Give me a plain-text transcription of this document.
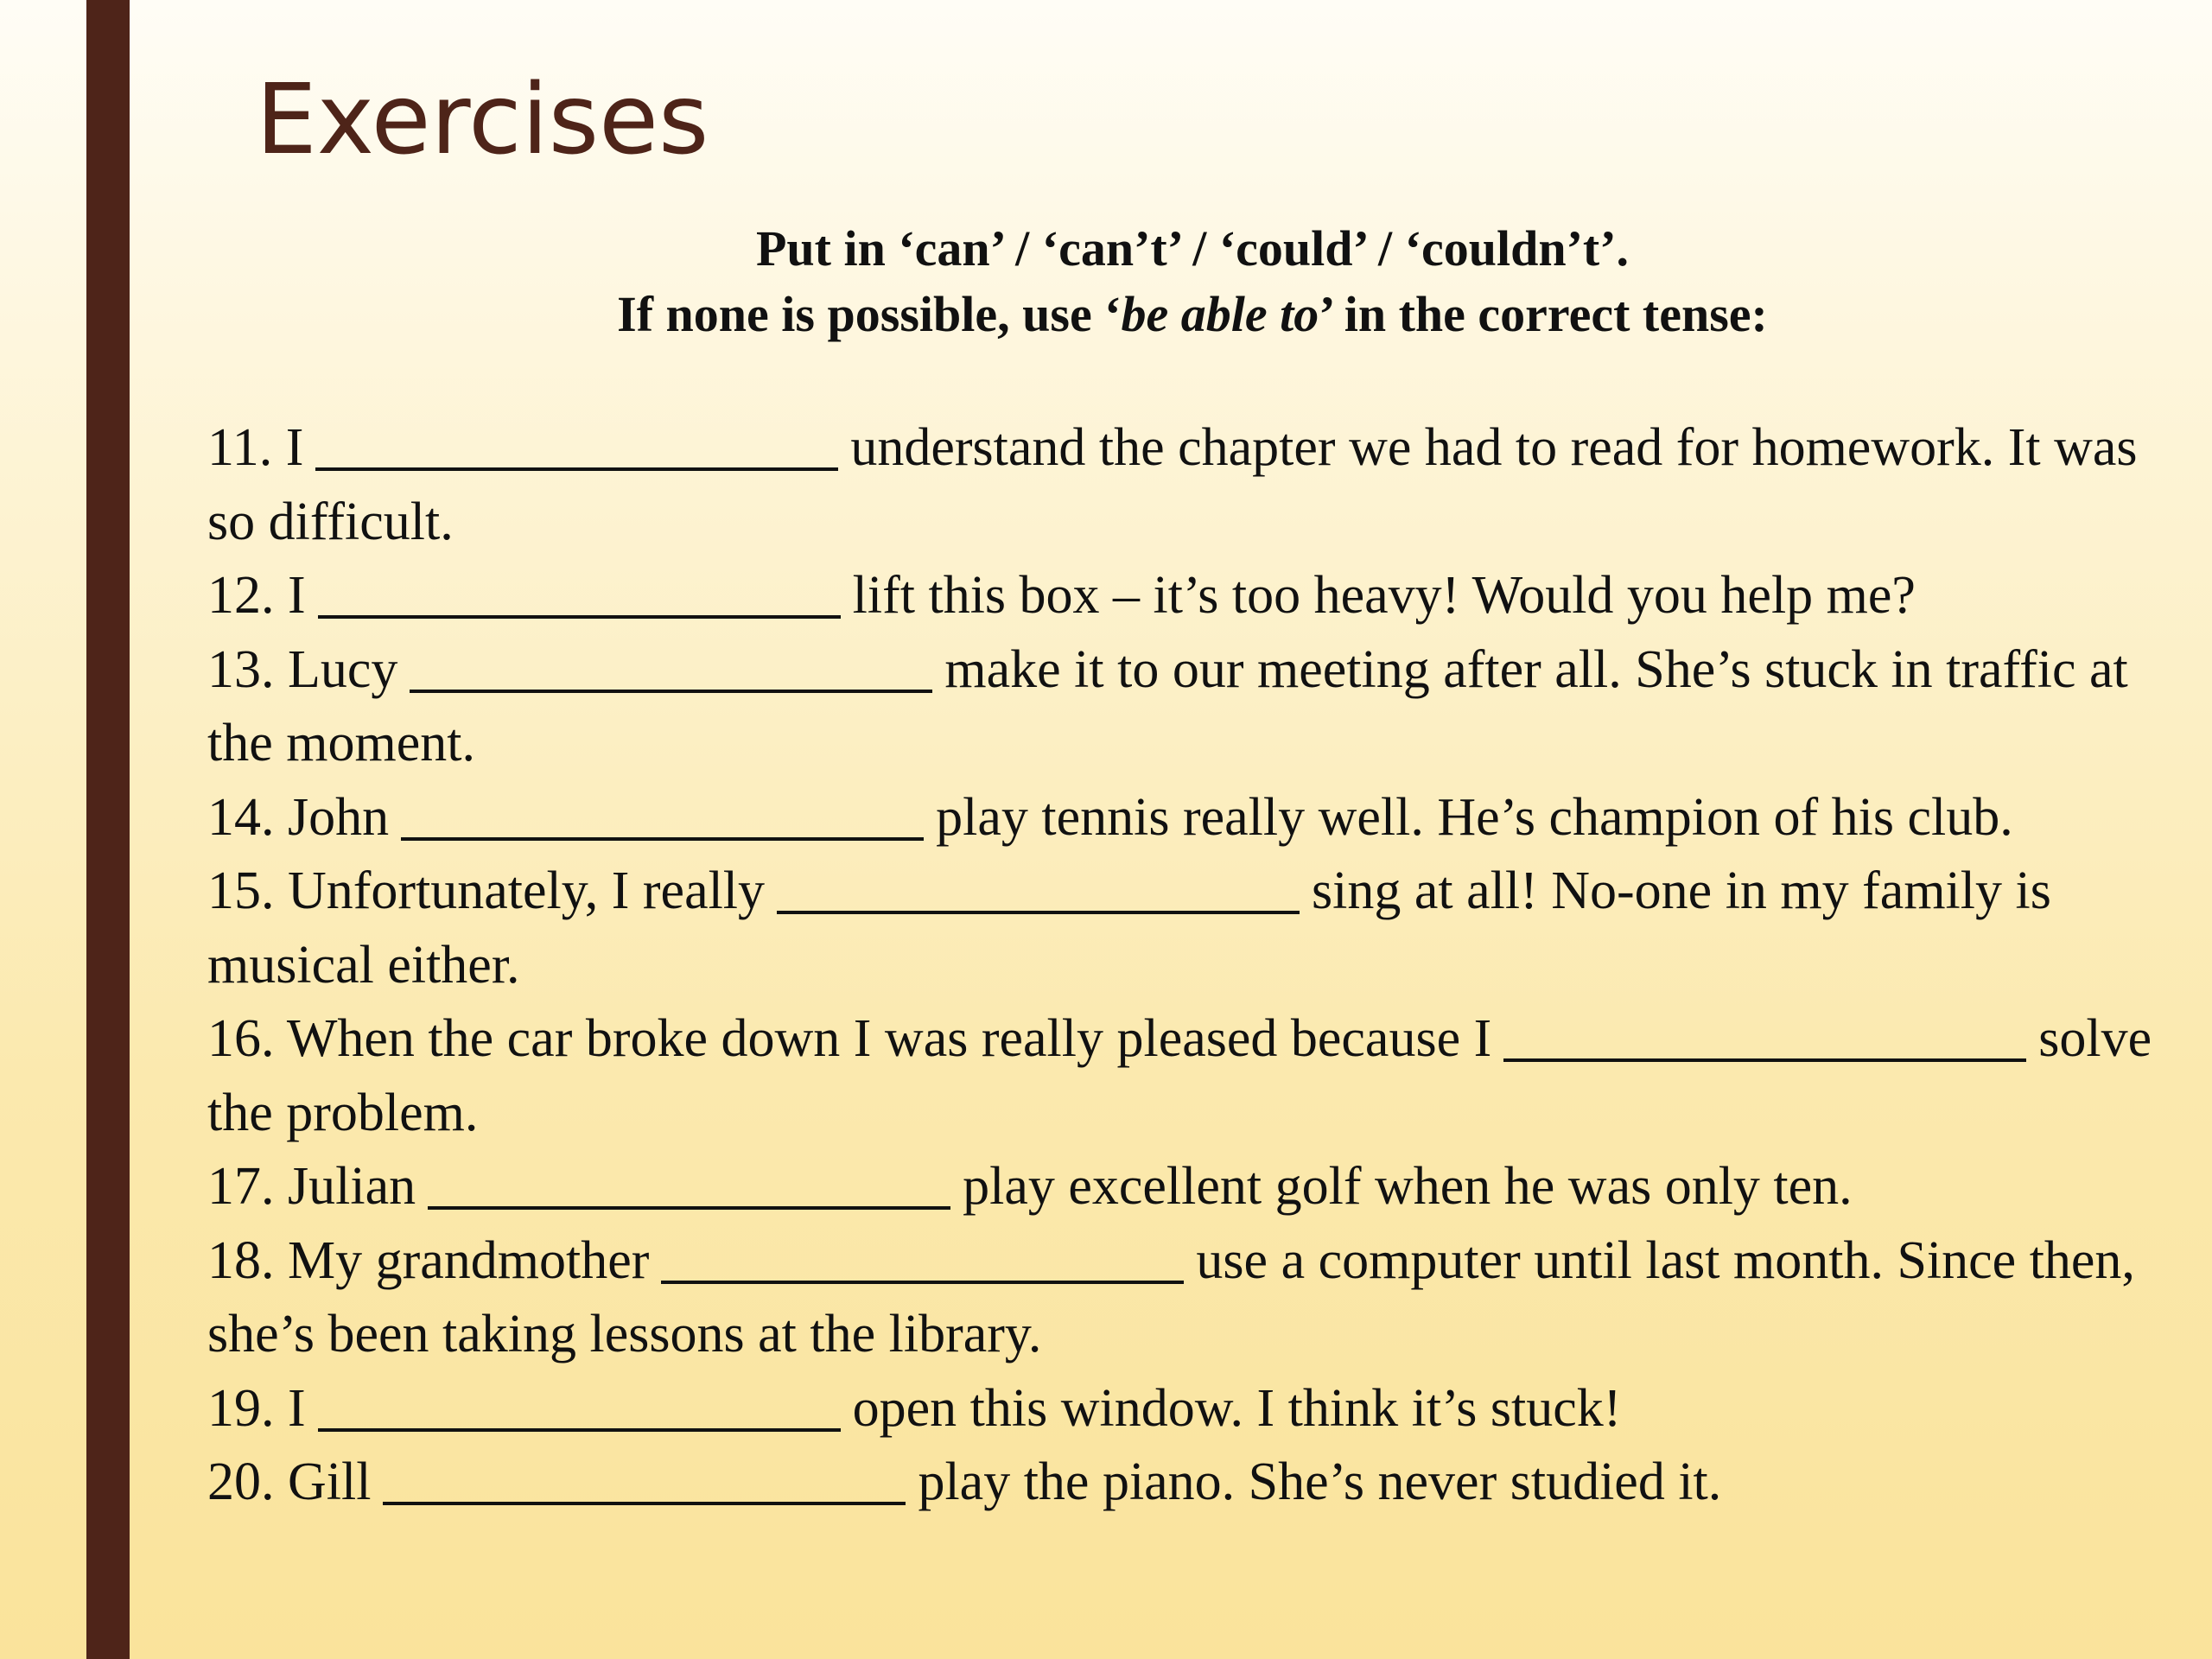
Exercises
Put in ‘can’ / ‘can’t’ / ‘could’ / ‘couldn’t’.
If none is possible, use ‘be able to’ in the correct tense:
11. I	understand the chapter we had to read for homework. It was so difficult.
12. I	lift this box – it’s too heavy! Would you help me?
13. Lucy	make it to our meeting after all. She’s stuck in traffic at the moment.
14. John	play tennis really well. He’s champion of his club.
15. Unfortunately, I really	sing at all! No-one in my family is musical either.
16. When the car broke down I was really pleased because I	solve the problem.
17. Julian	play excellent golf when he was only ten.
18. My grandmother	use a computer until last month. Since then, she’s been taking lessons at the library.
19. I	open this window. I think it’s stuck!
20. Gill	play the piano. She’s never studied it.
